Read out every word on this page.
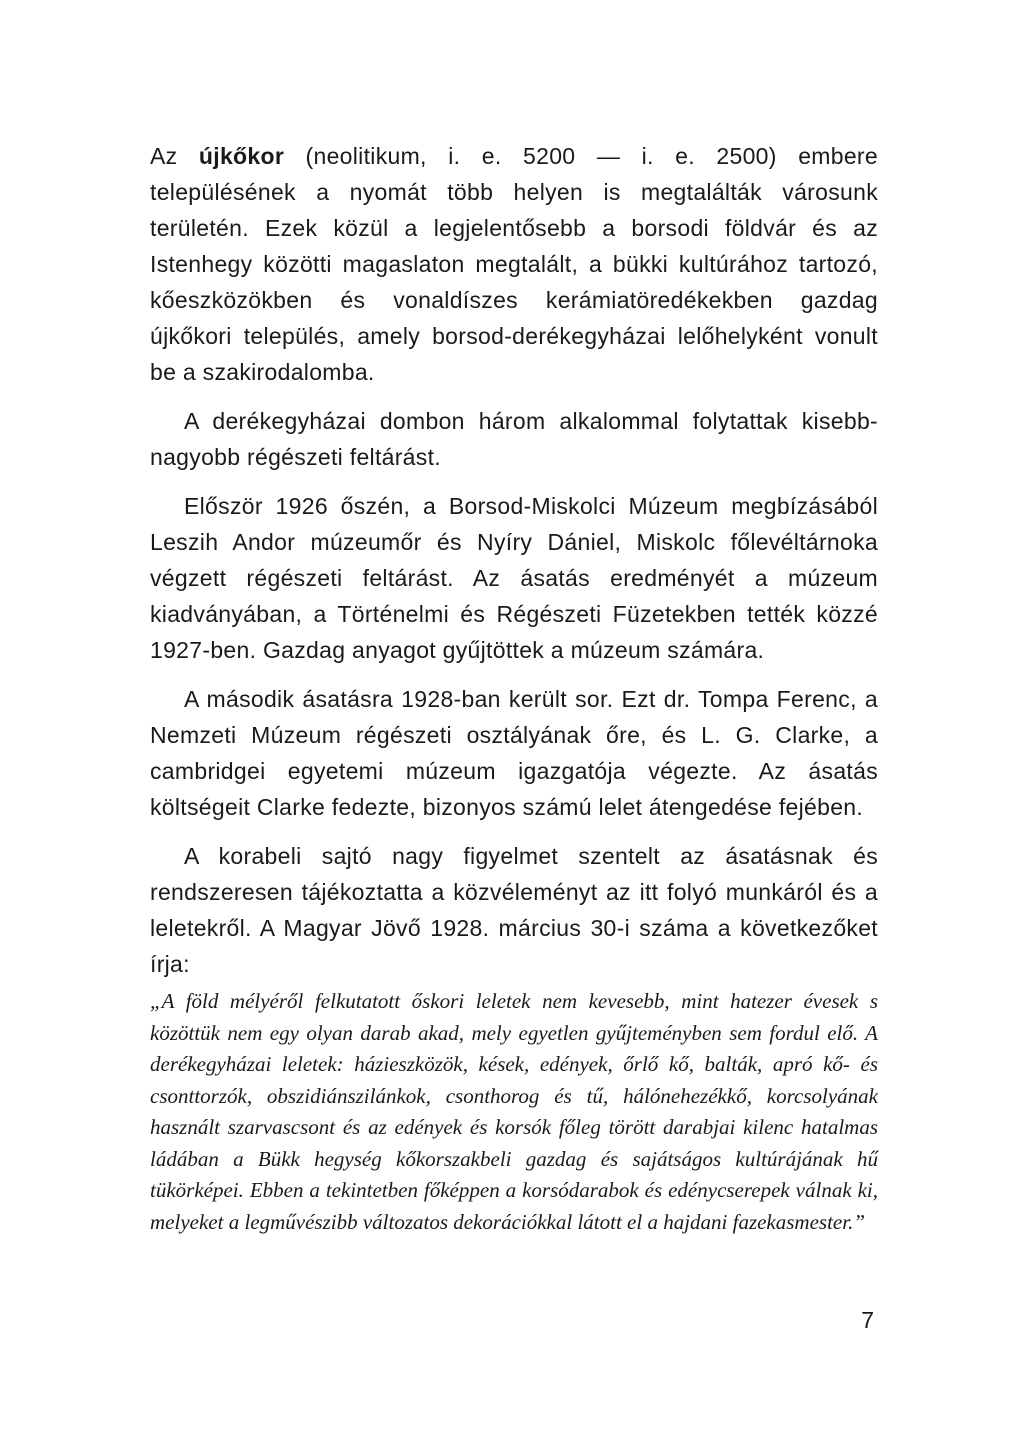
Az újkőkor (neolitikum, i. e. 5200 — i. e. 2500) embere településének a nyomát több helyen is megtalálták városunk területén. Ezek közül a legjelentősebb a borsodi földvár és az Istenhegy közötti magaslaton megtalált, a bükki kultúrához tartozó, kőeszközökben és vonaldíszes kerámiatöredékekben gazdag újkőkori település, amely borsod-derékegyházai lelőhelyként vonult be a szakirodalomba.

A derékegyházai dombon három alkalommal folytattak kisebb-nagyobb régészeti feltárást.

Először 1926 őszén, a Borsod-Miskolci Múzeum megbízásából Leszih Andor múzeumőr és Nyíry Dániel, Miskolc főlevéltárnoka végzett régészeti feltárást. Az ásatás eredményét a múzeum kiadványában, a Történelmi és Régészeti Füzetekben tették közzé 1927-ben. Gazdag anyagot gyűjtöttek a múzeum számára.

A második ásatásra 1928-ban került sor. Ezt dr. Tompa Ferenc, a Nemzeti Múzeum régészeti osztályának őre, és L. G. Clarke, a cambridgei egyetemi múzeum igazgatója végezte. Az ásatás költségeit Clarke fedezte, bizonyos számú lelet átengedése fejében.

A korabeli sajtó nagy figyelmet szentelt az ásatásnak és rendszeresen tájékoztatta a közvéleményt az itt folyó munkáról és a leletekről. A Magyar Jövő 1928. március 30-i száma a következőket írja:

„A föld mélyéről felkutatott őskori leletek nem kevesebb, mint hatezer évesek s közöttük nem egy olyan darab akad, mely egyetlen gyűjteményben sem fordul elő. A derékegyházai leletek: házieszközök, kések, edények, őrlő kő, balták, apró kő- és csonttorzók, obszidiánszilánkok, csonthorog és tű, hálónehezékkő, korcsolyának használt szarvascsont és az edények és korsók főleg törött darabjai kilenc hatalmas ládában a Bükk hegység kőkorszakbeli gazdag és sajátságos kultúrájának hű tükörképei. Ebben a tekintetben főképpen a korsódarabok és edénycserepek válnak ki, melyeket a legművészibb változatos dekorációkkal látott el a hajdani fazekasmester.”

7
